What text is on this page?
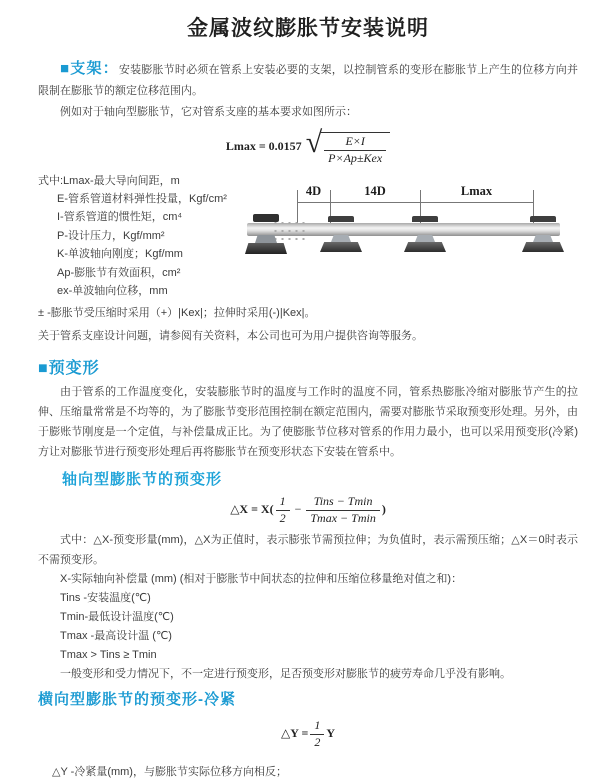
金属波纹膨胀节安装说明

■支架：安装膨胀节时必须在管系上安装必要的支架，以控制管系的变形在膨胀节上产生的位移方向并限制在膨胀节的额定位移范围内。

例如对于轴向型膨胀节，它对管系支座的基本要求如图所示：

Lmax = 0.0157 √ $\frac{E\times I}{\text{P×Ap±Kex}}$
式中:Lmax-最大导向间距，m
E-管系管道材料弹性投量，Kgf/cm²
I-管系管道的惯性矩，cm⁴
P-设计压力，Kgf/mm²
K-单波轴向刚度；Kgf/mm
Ap-膨胀节有效面积，cm²
ex-单波轴向位移，mm
± -膨胀节受压缩时采用（+）|Kex|；拉伸时采用(-)|Kex|。
关于管系支座设计问题，请参阅有关资料，本公司也可为用户提供咨询等服务。
4D	14D	Lmax
■预变形

由于管系的工作温度变化，安装膨胀节时的温度与工作时的温度不同，管系热膨胀冷缩对膨胀节产生的拉伸、压缩量常常是不均等的，为了膨胀节变形范围控制在额定范围内，需要对膨胀节采取预变形处理。另外，由于膨账节刚度是一个定值，与补偿量成正比。为了使膨胀节位移对管系的作用力最小，也可以采用预变形(冷紧)方让对膨胀节进行预变形处理后再将膨胀节在预变形状态下安装在管系中。

轴向型膨胀节的预变形
△X = $X( \frac{1}{2} - \frac{\text{Tins − Tmin}}{Tmax - Tmin}$ )

式中：△X-预变形量(mm)，△X为正值时，表示膨张节需预拉伸；为负值时，表示需预压缩；△X＝0时表示不需预变形。

X-实际轴向补偿量 (mm) (相对于膨胀节中间状态的拉伸和压缩位移量绝对值之和)：

Tins -安装温度(℃)

Tmin-最低设计温度(℃)

Tmax -最高设计温 (℃)

Tmax > Tins ≥ Tmin

一般变形和受力情况下，不一定进行预变形，足否预变形对膨胀节的疲劳寿命几乎没有影响。

横向型膨胀节的预变形-冷紧
△Y = $\frac{1}{2}$ Y

△Y -冷紧量(mm)，与膨胀节实际位移方向相反；
